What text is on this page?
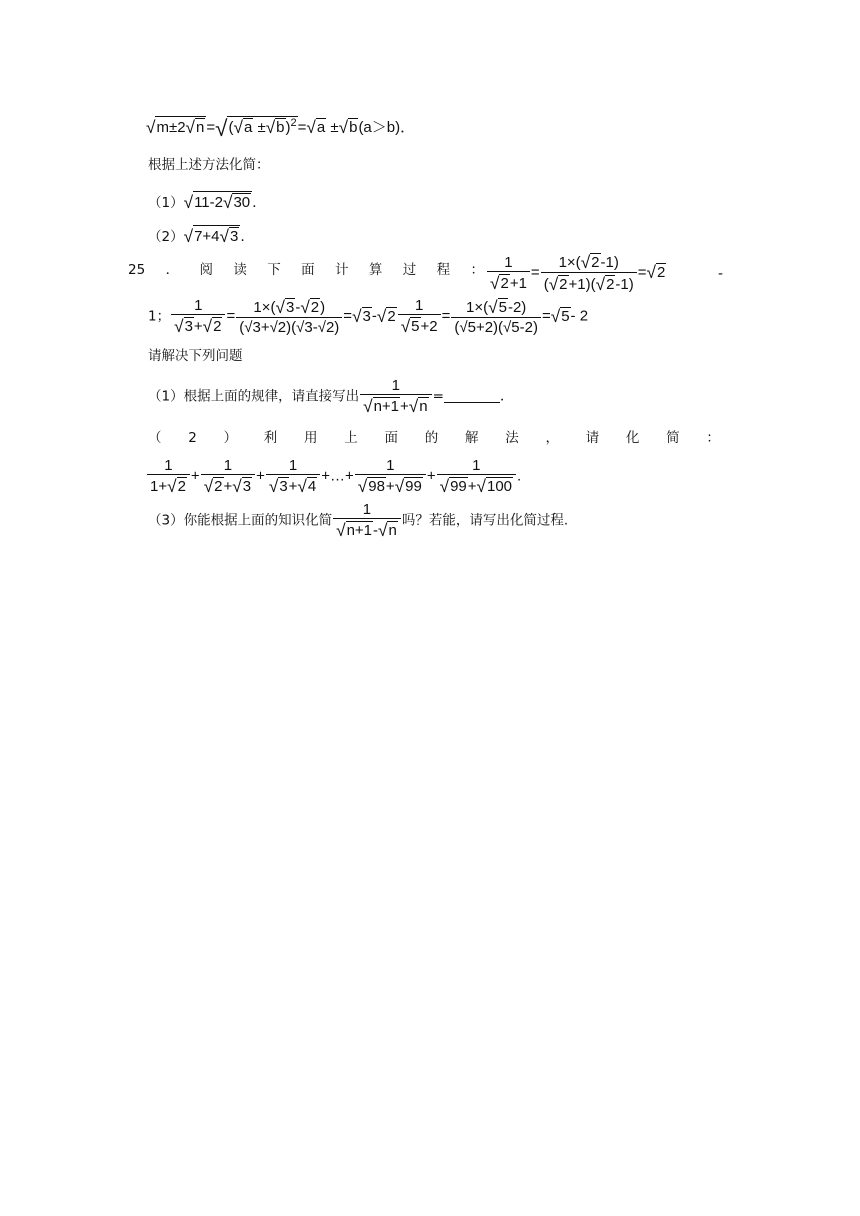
$√m\pm 2√n =√(√a \pm√b)^2=√a \pm√b(a>b)$．
根据上述方法化简：
（1）√11-2√30 .
（2）√7+4√3 .
25 ． 阅 读 下 面 计 算 过 程 ： $\frac{1}{√2+1} = \frac{1\times(√2-1)}{(√2+1)(√2-1)} =√2$	-
1； $\frac{1}{√3+√2} = \frac{1\times(√3-√2)}{(√3+√2)(√3-√2)} =√3-√2 \frac{1}{√5+2} = \frac{1\times(√5-2)}{(√5+2)(√5-2)} =√5-$ 2
请解决下列问题
（1）根据上面的规律，请直接写出 $\frac{1}{√n+1+√n}$ =	.
（ 2 ） 利 用 上 面 的 解 法 ， 请 化 简 ：
$\frac{1}{1+√2} + \frac{1}{√2+√3} + \frac{1}{√3+√4}$ +…+ $\frac{1}{√98+√99} + \frac{1}{√99+√100}$ .
（3）你能根据上面的知识化简 $\frac{1}{√n+1-√n}$ 吗？若能，请写出化简过程.
